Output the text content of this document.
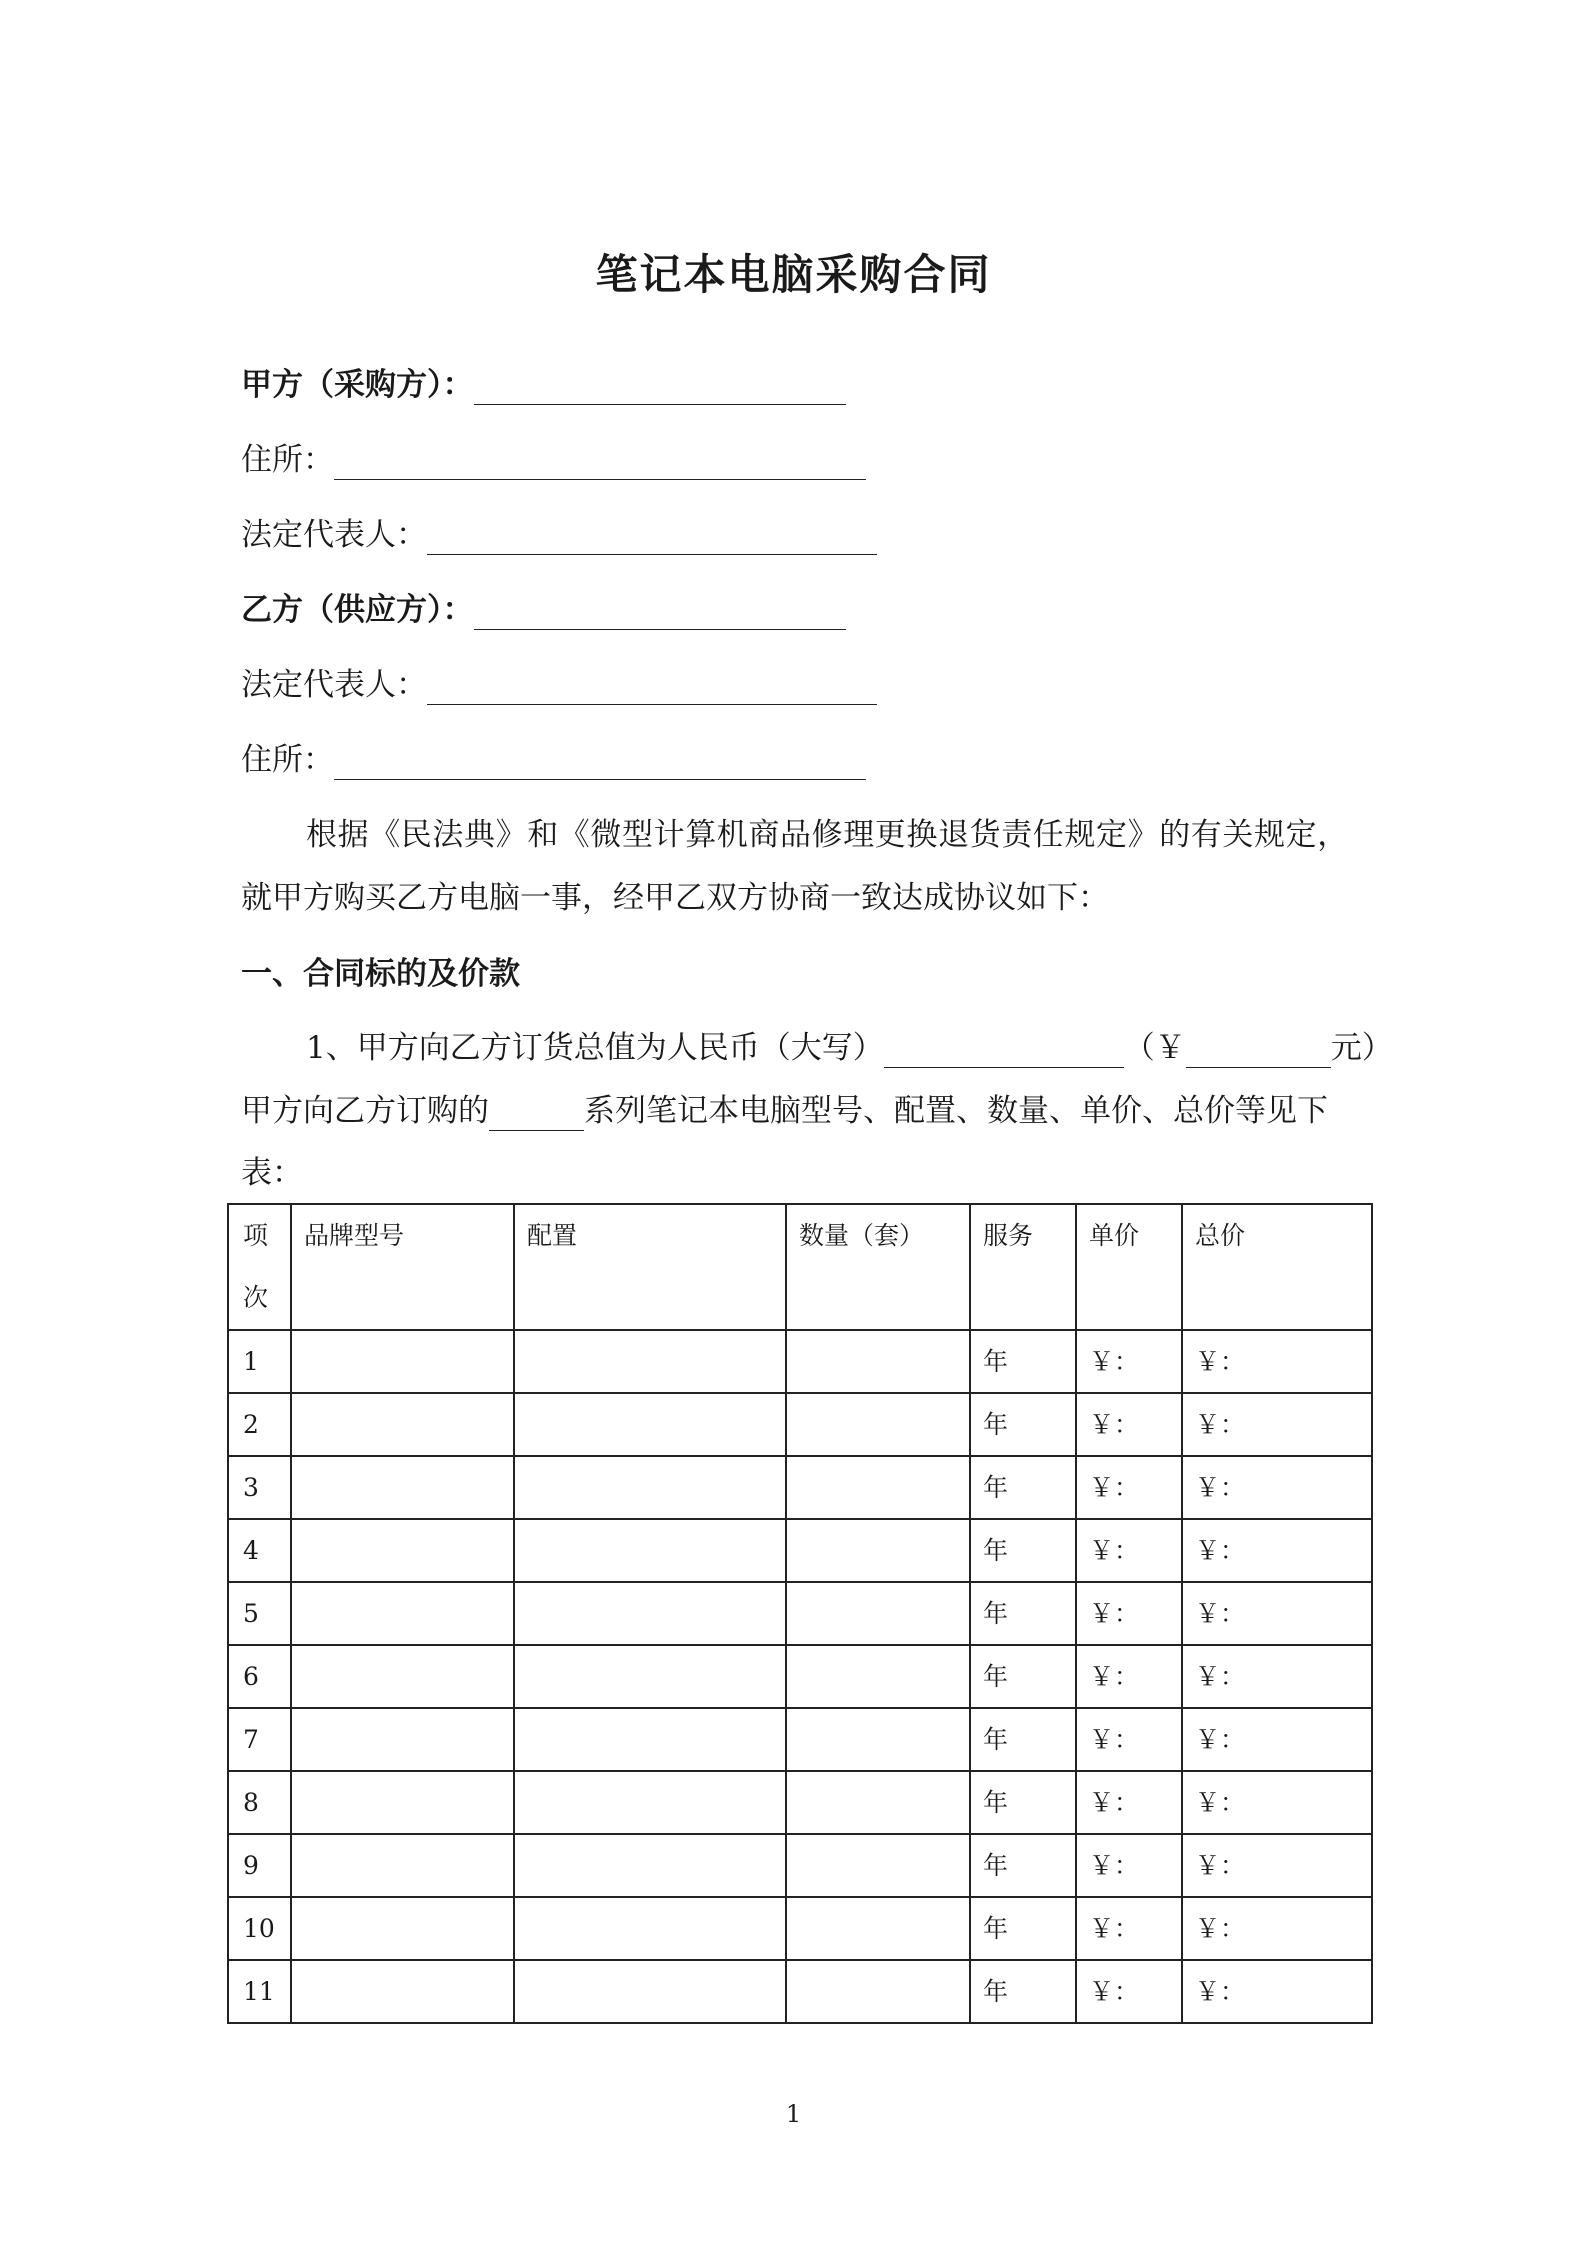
笔记本电脑采购合同
甲方（采购方）：
住所：
法定代表人：
乙方（供应方）：
法定代表人：
住所：
根据《民法典》和《微型计算机商品修理更换退货责任规定》的有关规定，
就甲方购买乙方电脑一事，经甲乙双方协商一致达成协议如下：
一、合同标的及价款
1、甲方向乙方订货总值为人民币（大写）	（￥	元）
甲方向乙方订购的	系列笔记本电脑型号、配置、数量、单价、总价等见下
表：
项
次	品牌型号	配置	数量（套）	服务	单价	总价
1				年	￥：	￥：
2				年	￥：	￥：
3				年	￥：	￥：
4				年	￥：	￥：
5				年	￥：	￥：
6				年	￥：	￥：
7				年	￥：	￥：
8				年	￥：	￥：
9				年	￥：	￥：
10				年	￥：	￥：
11				年	￥：	￥：
1
